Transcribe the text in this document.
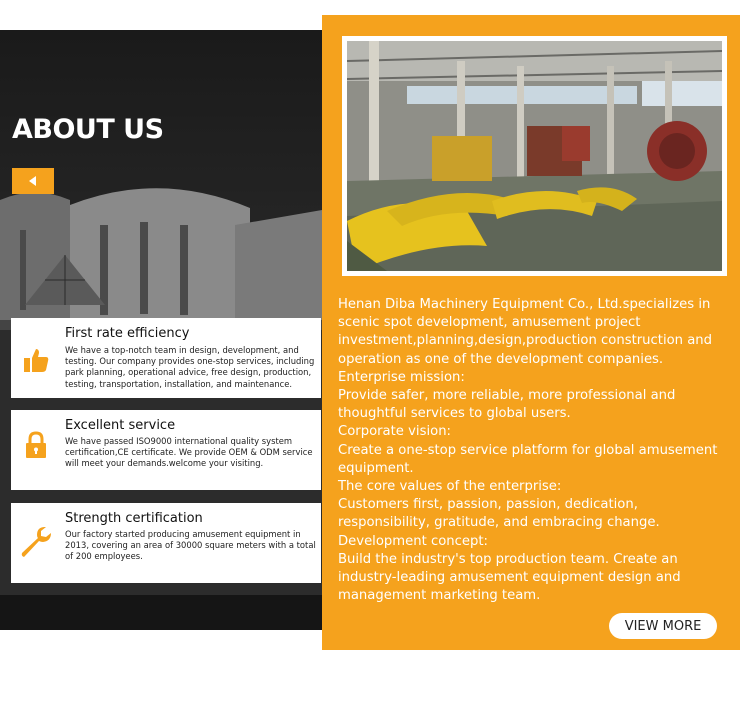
ABOUT US
First rate efficiency

We have a top-notch team in design, development, and testing. Our company provides one-stop services, including park planning, operational advice, free design, production, testing, transportation, installation, and maintenance.

Excellent service

We have passed ISO9000 international quality system certification,CE certificate. We provide OEM & ODM service will meet your demands.welcome your visiting.

Strength certification

Our factory started producing amusement equipment in 2013, covering an area of 30000 square meters with a total of 200 employees.

Henan Diba Machinery Equipment Co., Ltd.specializes in scenic spot development, amusement project investment,planning,design,production construction and operation as one of the development companies.
Enterprise mission:
Provide safer, more reliable, more professional and thoughtful services to global users.
Corporate vision:
Create a one-stop service platform for global amusement equipment.
The core values of the enterprise:
Customers first, passion, passion, dedication, responsibility, gratitude, and embracing change.
Development concept:
Build the industry's top production team. Create an industry-leading amusement equipment design and management marketing team.
VIEW MORE
